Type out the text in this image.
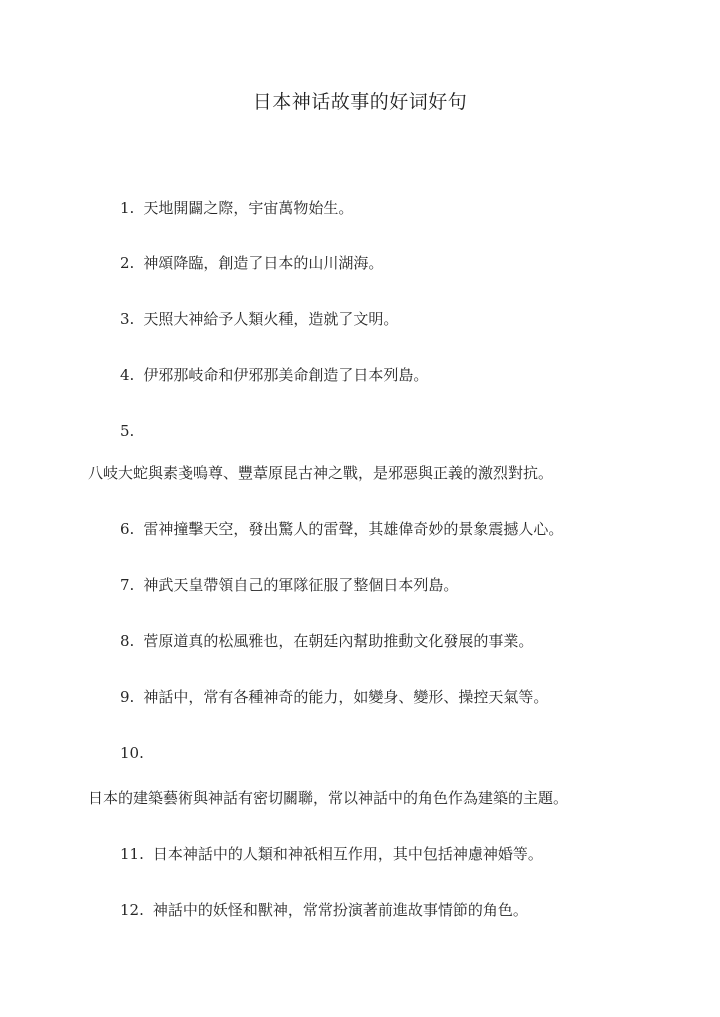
日本神话故事的好词好句
1. 天地開闢之際，宇宙萬物始生。
2. 神頌降臨，創造了日本的山川湖海。
3. 天照大神給予人類火種，造就了文明。
4. 伊邪那岐命和伊邪那美命創造了日本列島。
5.
八岐大蛇與素戔嗚尊、豐葦原昆古神之戰，是邪惡與正義的激烈對抗。
6. 雷神撞擊天空，發出驚人的雷聲，其雄偉奇妙的景象震撼人心。
7. 神武天皇帶領自己的軍隊征服了整個日本列島。
8. 菅原道真的松風雅也，在朝廷內幫助推動文化發展的事業。
9. 神話中，常有各種神奇的能力，如變身、變形、操控天氣等。
10.
日本的建築藝術與神話有密切關聯，常以神話中的角色作為建築的主題。
11. 日本神話中的人類和神祇相互作用，其中包括神慮神婚等。
12. 神話中的妖怪和獸神，常常扮演著前進故事情節的角色。
